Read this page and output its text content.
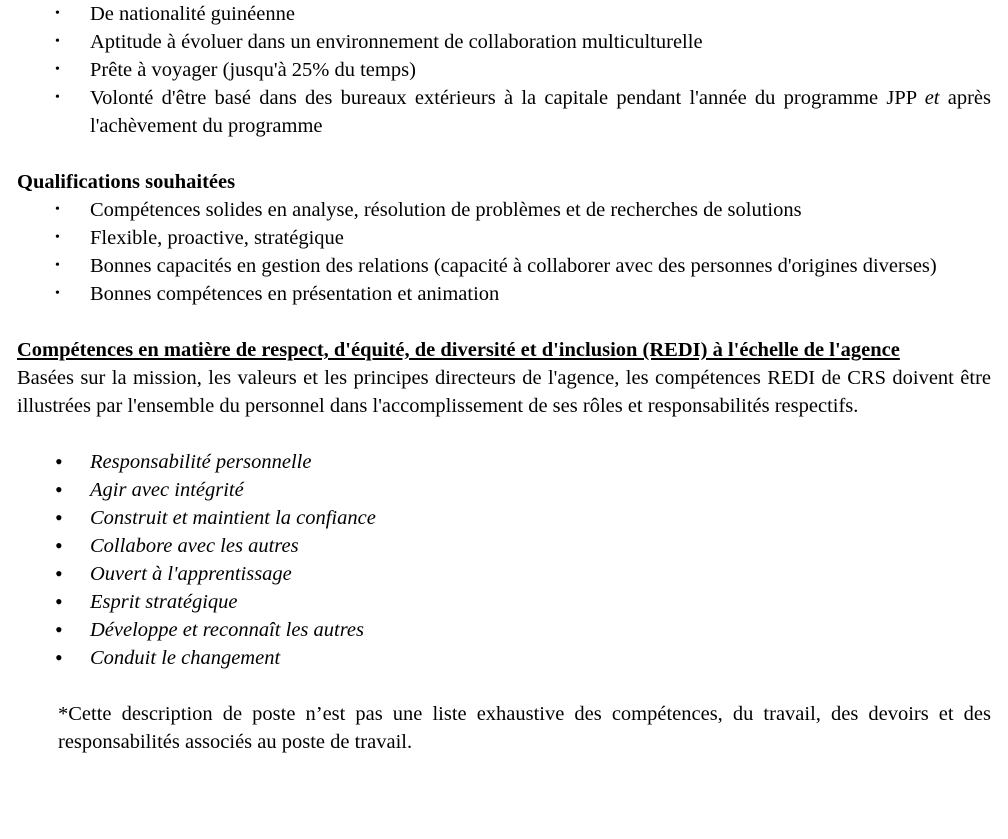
•	De nationalité guinéenne
•	Aptitude à évoluer dans un environnement de collaboration multiculturelle
•	Prête à voyager (jusqu'à 25% du temps)
•	Volonté d'être basé dans des bureaux extérieurs à la capitale pendant l'année du programme JPP et après l'achèvement du programme

Qualifications souhaitées

•	Compétences solides en analyse, résolution de problèmes et de recherches de solutions
•	Flexible, proactive, stratégique
•	Bonnes capacités en gestion des relations (capacité à collaborer avec des personnes d'origines diverses)
•	Bonnes compétences en présentation et animation

Compétences en matière de respect, d'équité, de diversité et d'inclusion (REDI) à l'échelle de l'agence

Basées sur la mission, les valeurs et les principes directeurs de l'agence, les compétences REDI de CRS doivent être illustrées par l'ensemble du personnel dans l'accomplissement de ses rôles et responsabilités respectifs.

•	Responsabilité personnelle
•	Agir avec intégrité
•	Construit et maintient la confiance
•	Collabore avec les autres
•	Ouvert à l'apprentissage
•	Esprit stratégique
•	Développe et reconnaît les autres
•	Conduit le changement

*Cette description de poste n’est pas une liste exhaustive des compétences, du travail, des devoirs et des responsabilités associés au poste de travail.
